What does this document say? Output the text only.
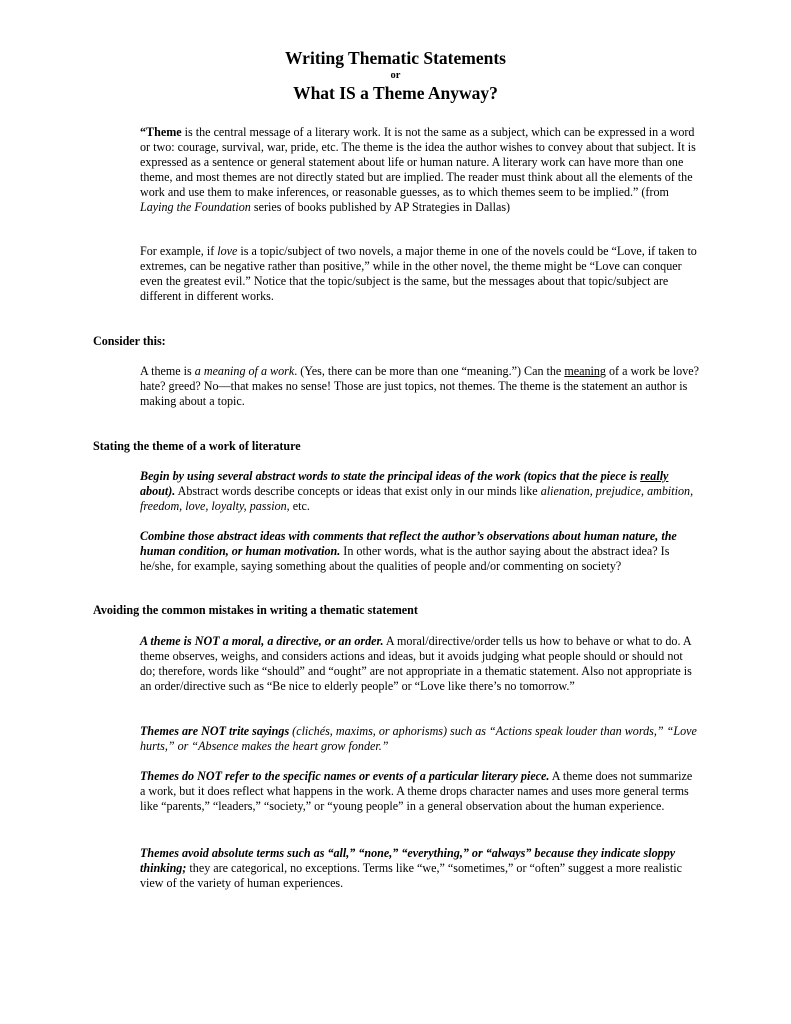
Writing Thematic Statements
or
What IS a Theme Anyway?

“Theme is the central message of a literary work. It is not the same as a subject, which can be expressed in a word or two: courage, survival, war, pride, etc. The theme is the idea the author wishes to convey about that subject. It is expressed as a sentence or general statement about life or human nature. A literary work can have more than one theme, and most themes are not directly stated but are implied. The reader must think about all the elements of the work and use them to make inferences, or reasonable guesses, as to which themes seem to be implied.” (from Laying the Foundation series of books published by AP Strategies in Dallas)

For example, if love is a topic/subject of two novels, a major theme in one of the novels could be “Love, if taken to extremes, can be negative rather than positive,” while in the other novel, the theme might be “Love can conquer even the greatest evil.” Notice that the topic/subject is the same, but the messages about that topic/subject are different in different works.

Consider this:

A theme is a meaning of a work. (Yes, there can be more than one “meaning.”) Can the meaning of a work be love? hate? greed? No—that makes no sense! Those are just topics, not themes. The theme is the statement an author is making about a topic.

Stating the theme of a work of literature

Begin by using several abstract words to state the principal ideas of the work (topics that the piece is really about). Abstract words describe concepts or ideas that exist only in our minds like alienation, prejudice, ambition, freedom, love, loyalty, passion, etc.

Combine those abstract ideas with comments that reflect the author’s observations about human nature, the human condition, or human motivation. In other words, what is the author saying about the abstract idea? Is he/she, for example, saying something about the qualities of people and/or commenting on society?

Avoiding the common mistakes in writing a thematic statement

A theme is NOT a moral, a directive, or an order. A moral/directive/order tells us how to behave or what to do. A theme observes, weighs, and considers actions and ideas, but it avoids judging what people should or should not do; therefore, words like “should” and “ought” are not appropriate in a thematic statement. Also not appropriate is an order/directive such as “Be nice to elderly people” or “Love like there’s no tomorrow.”

Themes are NOT trite sayings (clichés, maxims, or aphorisms) such as “Actions speak louder than words,” “Love hurts,” or “Absence makes the heart grow fonder.”

Themes do NOT refer to the specific names or events of a particular literary piece. A theme does not summarize a work, but it does reflect what happens in the work. A theme drops character names and uses more general terms like “parents,” “leaders,” “society,” or “young people” in a general observation about the human experience.

Themes avoid absolute terms such as “all,” “none,” “everything,” or “always” because they indicate sloppy thinking; they are categorical, no exceptions. Terms like “we,” “sometimes,” or “often” suggest a more realistic view of the variety of human experiences.
